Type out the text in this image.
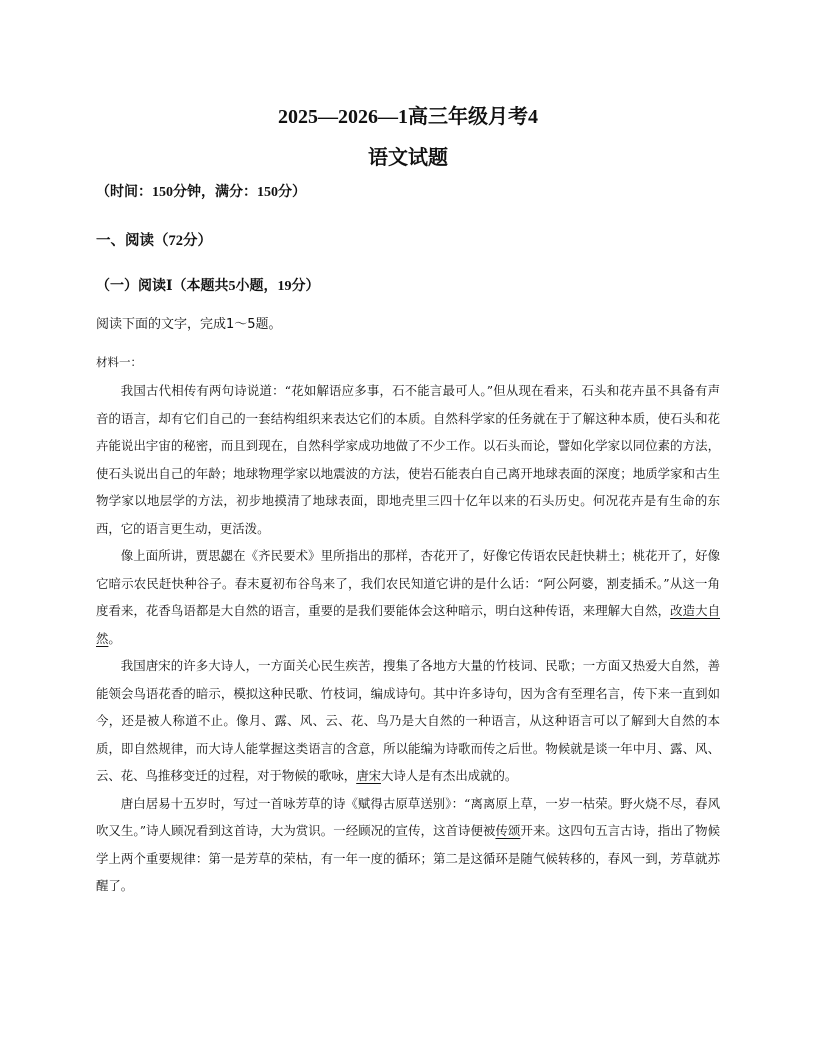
2025—2026—1高三年级月考4
语文试题
（时间：150分钟，满分：150分）
一、阅读（72分）
（一）阅读Ⅰ（本题共5小题，19分）
阅读下面的文字，完成1～5题。
材料一：

我国古代相传有两句诗说道：“花如解语应多事，石不能言最可人。”但从现在看来，石头和花卉虽不具备有声音的语言，却有它们自己的一套结构组织来表达它们的本质。自然科学家的任务就在于了解这种本质，使石头和花卉能说出宇宙的秘密，而且到现在，自然科学家成功地做了不少工作。以石头而论，譬如化学家以同位素的方法，使石头说出自己的年龄；地球物理学家以地震波的方法，使岩石能表白自己离开地球表面的深度；地质学家和古生物学家以地层学的方法，初步地摸清了地球表面，即地壳里三四十亿年以来的石头历史。何况花卉是有生命的东西，它的语言更生动，更活泼。

像上面所讲，贾思勰在《齐民要术》里所指出的那样，杏花开了，好像它传语农民赶快耕土；桃花开了，好像它暗示农民赶快种谷子。春末夏初布谷鸟来了，我们农民知道它讲的是什么话：“阿公阿婆，割麦插禾。”从这一角度看来，花香鸟语都是大自然的语言，重要的是我们要能体会这种暗示，明白这种传语，来理解大自然，改造大自然。

我国唐宋的许多大诗人，一方面关心民生疾苦，搜集了各地方大量的竹枝词、民歌；一方面又热爱大自然，善能领会鸟语花香的暗示，模拟这种民歌、竹枝词，编成诗句。其中许多诗句，因为含有至理名言，传下来一直到如今，还是被人称道不止。像月、露、风、云、花、鸟乃是大自然的一种语言，从这种语言可以了解到大自然的本质，即自然规律，而大诗人能掌握这类语言的含意，所以能编为诗歌而传之后世。物候就是谈一年中月、露、风、云、花、鸟推移变迁的过程，对于物候的歌咏，唐宋大诗人是有杰出成就的。

唐白居易十五岁时，写过一首咏芳草的诗《赋得古原草送别》：“离离原上草，一岁一枯荣。野火烧不尽，春风吹又生。”诗人顾况看到这首诗，大为赏识。一经顾况的宣传，这首诗便被传颂开来。这四句五言古诗，指出了物候学上两个重要规律：第一是芳草的荣枯，有一年一度的循环；第二是这循环是随气候转移的，春风一到，芳草就苏醒了。
